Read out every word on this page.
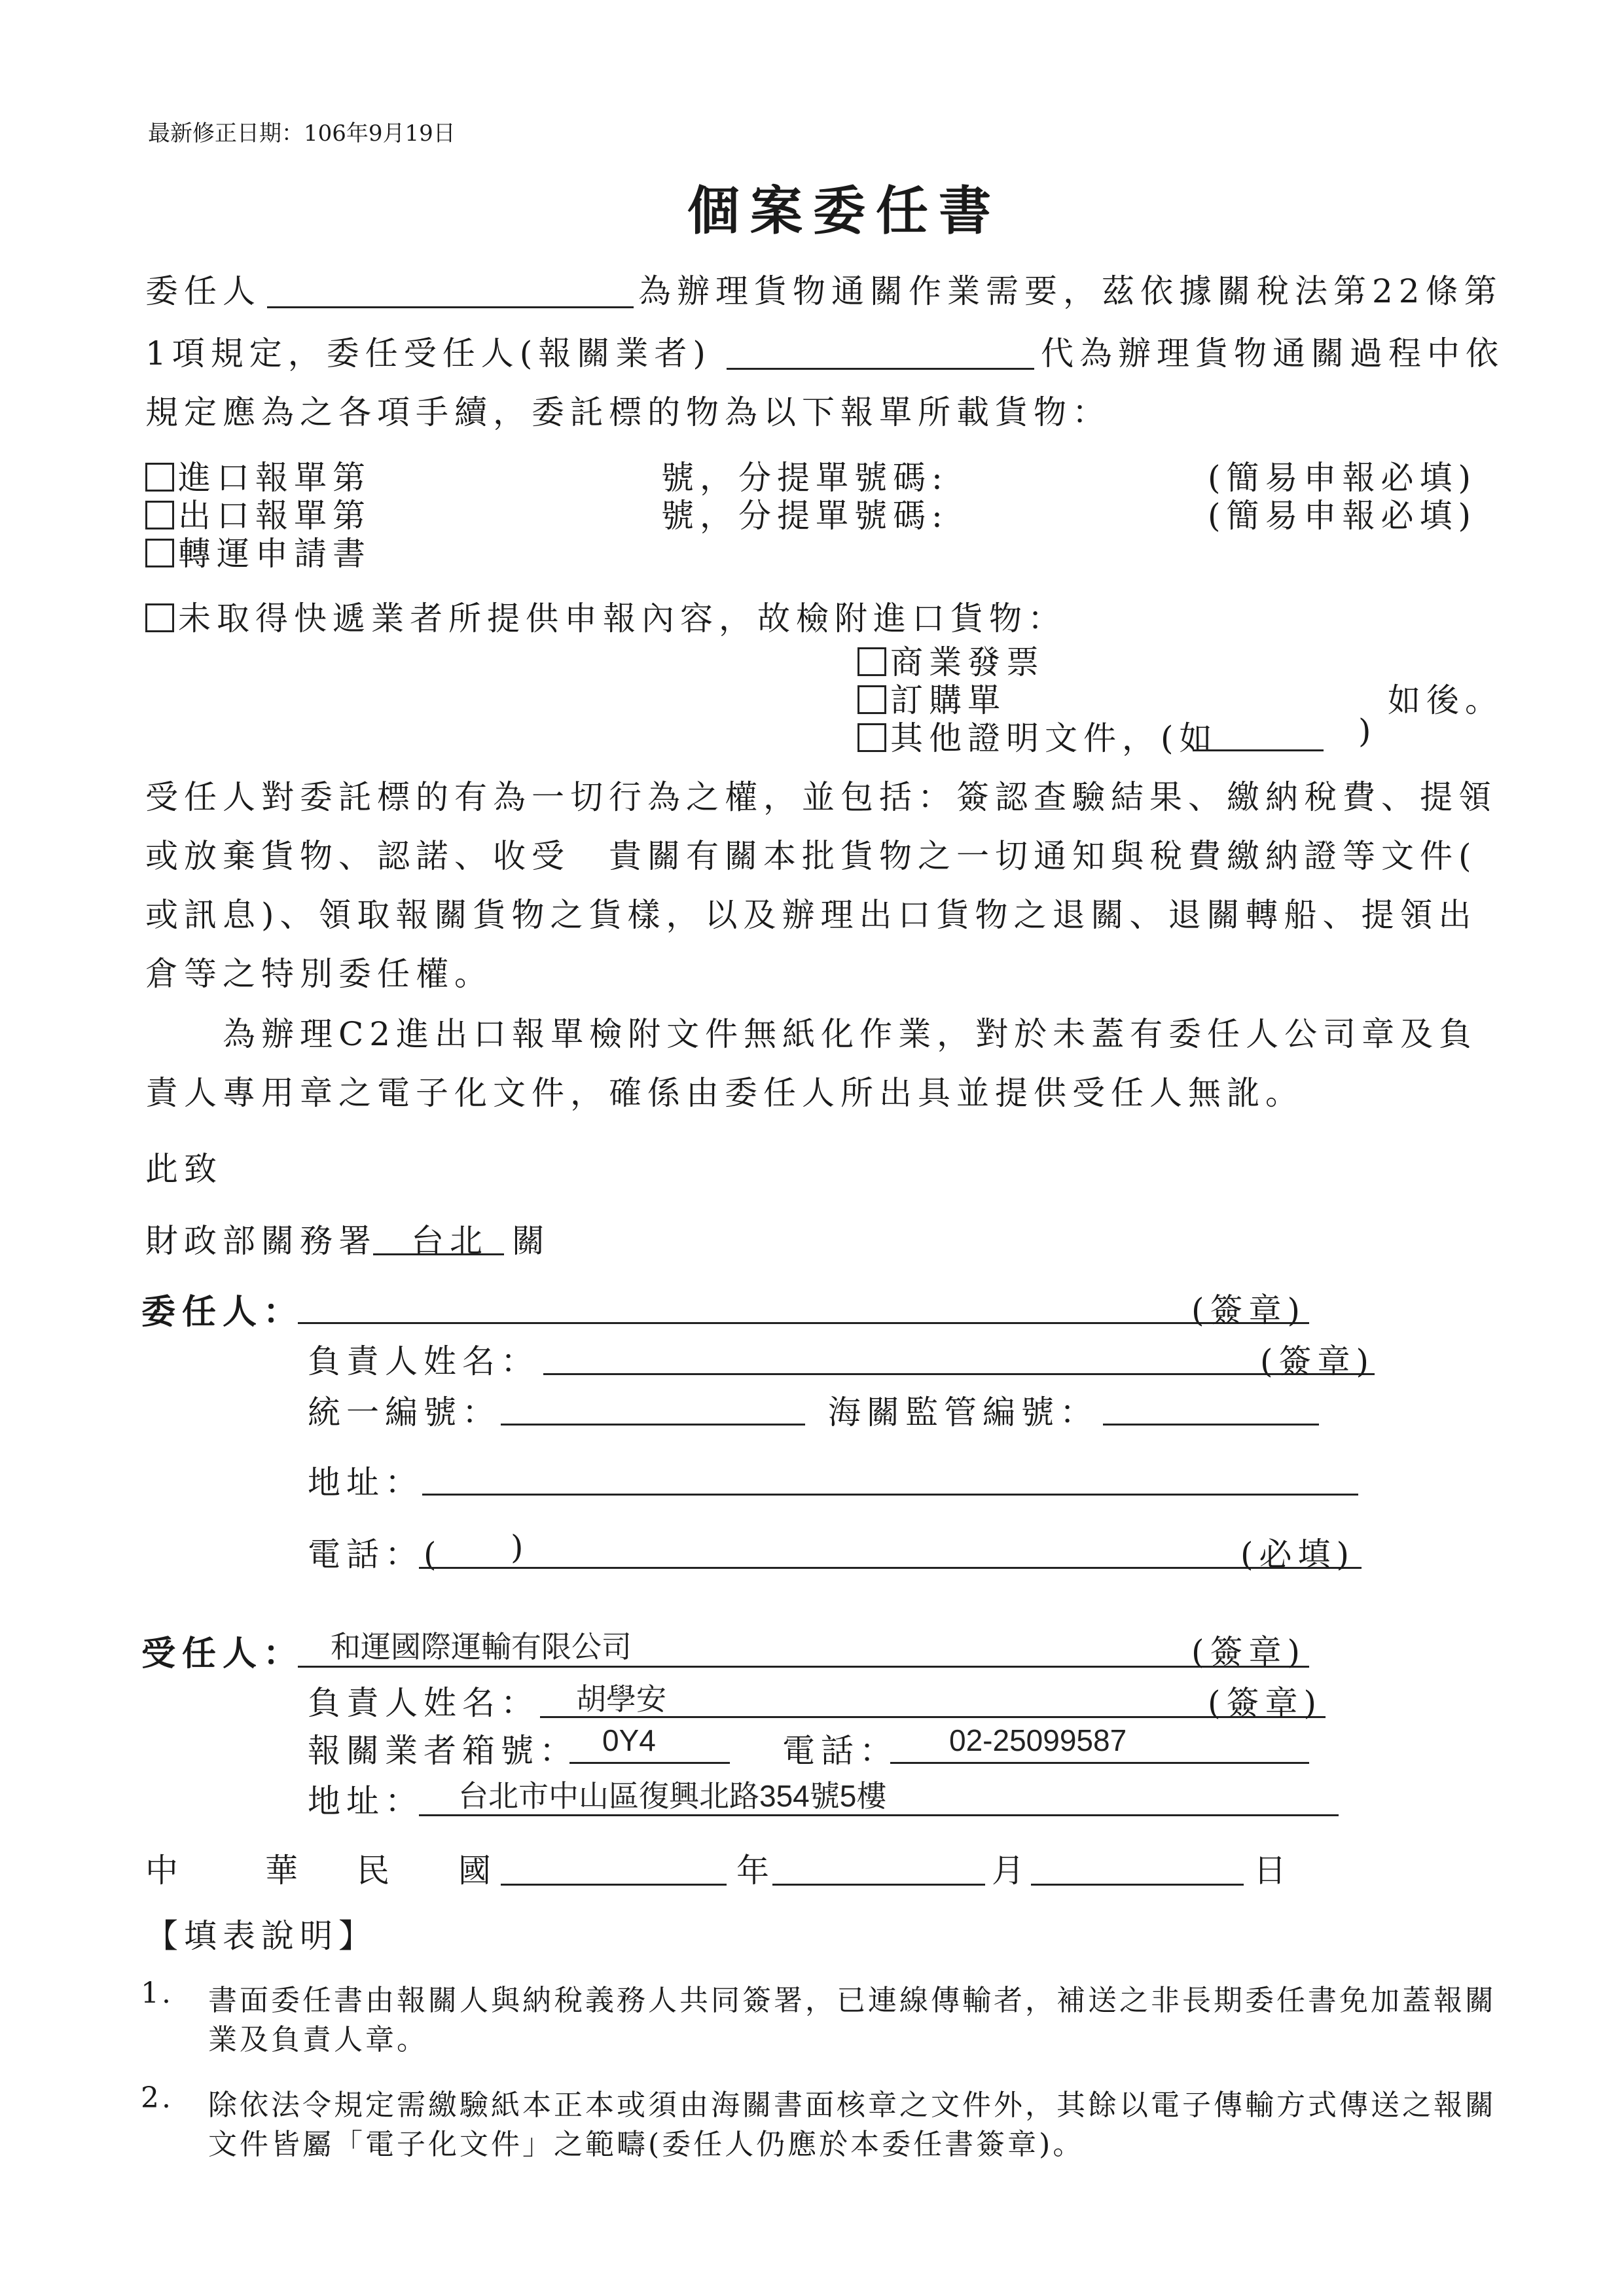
最新修正日期：106年9月19日
個案委任書
委任人	為辦理貨物通關作業需要，茲依據關稅法第22條第
1項規定，委任受任人(報關業者)	代為辦理貨物通關過程中依
規定應為之各項手續，委託標的物為以下報單所載貨物：
進口報單第	號，分提單號碼:	(簡易申報必填)
出口報單第	號，分提單號碼:	(簡易申報必填)
轉運申請書
未取得快遞業者所提供申報內容，故檢附進口貨物：
商業發票
訂購單	如後。
其他證明文件，(如	)
受任人對委託標的有為一切行為之權，並包括：簽認查驗結果、繳納稅費、提領
或放棄貨物、認諾、收受　貴關有關本批貨物之一切通知與稅費繳納證等文件(
或訊息)、領取報關貨物之貨樣，以及辦理出口貨物之退關、退關轉船、提領出
倉等之特別委任權。
為辦理C2進出口報單檢附文件無紙化作業，對於未蓋有委任人公司章及負
責人專用章之電子化文件，確係由委任人所出具並提供受任人無訛。
此致
財政部關務署 台北 關
委任人：	(簽章)
負責人姓名：	(簽章)
統一編號：	海關監管編號：
地址：
電話：( )	(必填)
受任人： 和運國際運輸有限公司	(簽章)
負責人姓名： 胡學安	(簽章)
報關業者箱號： 0Y4	電話： 02-25099587
地址： 台北市中山區復興北路354號5樓
中 華 民 國	年	月	日
【填表說明】
1. 書面委任書由報關人與納稅義務人共同簽署，已連線傳輸者，補送之非長期委任書免加蓋報關
業及負責人章。
2. 除依法令規定需繳驗紙本正本或須由海關書面核章之文件外，其餘以電子傳輸方式傳送之報關
文件皆屬「電子化文件」之範疇(委任人仍應於本委任書簽章)。
